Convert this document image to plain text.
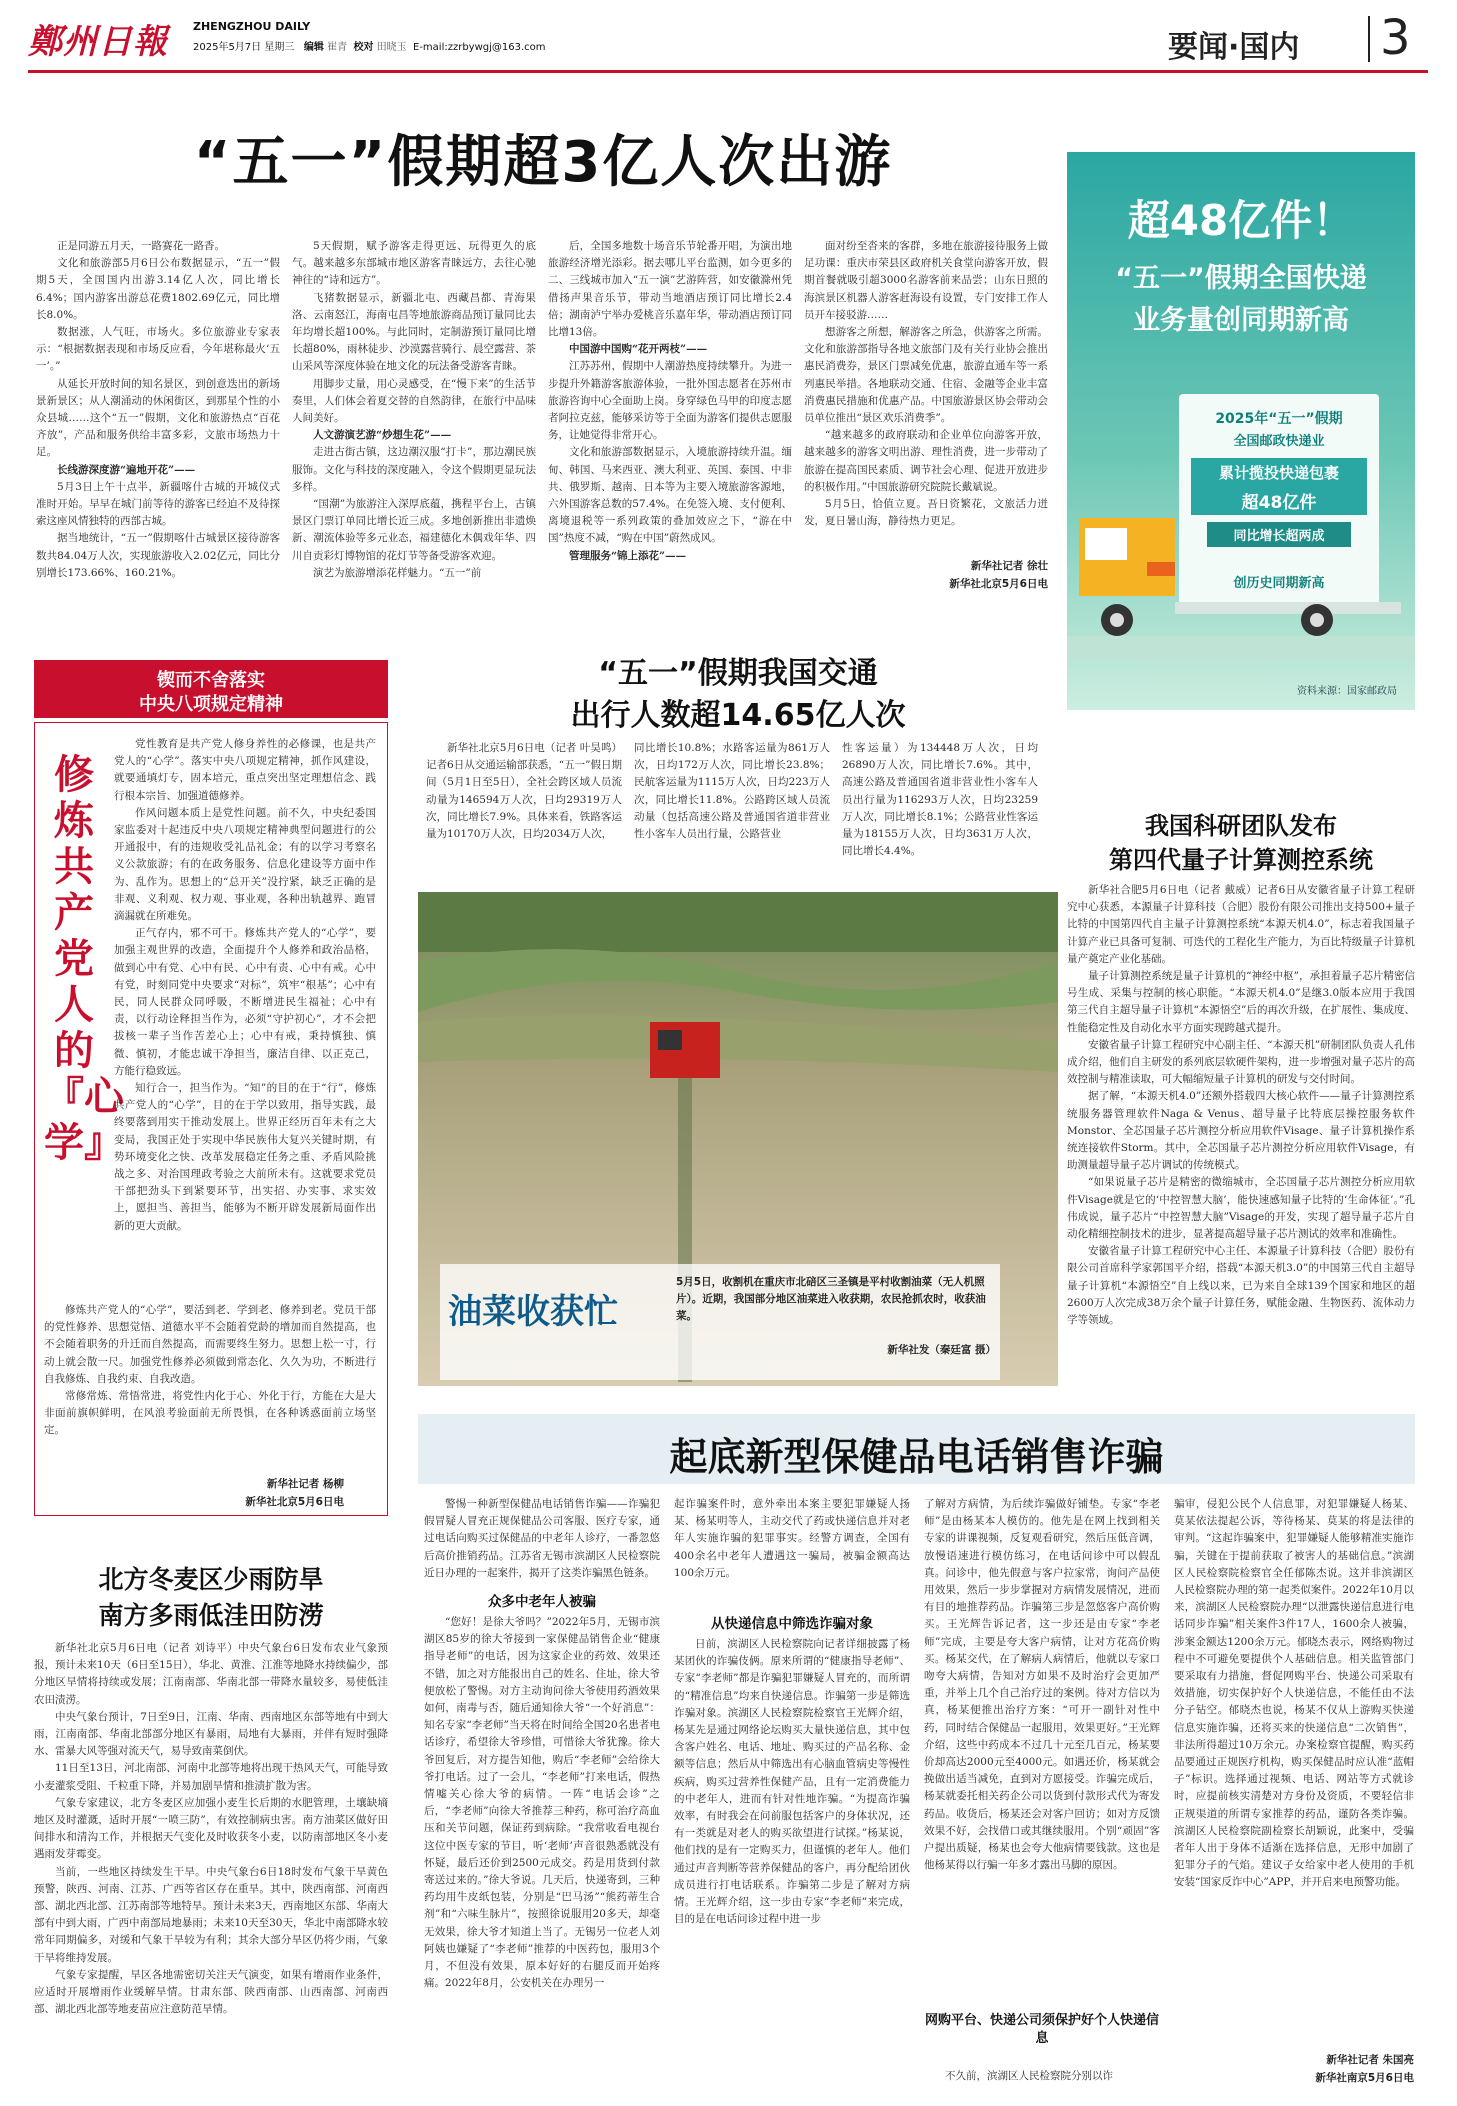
鄭州日報 ZHENGZHOU DAILY
2025年5月7日 星期三 编辑 崔青 校对 田晓玉 E-mail:zzrbywgj@163.com	要闻·国内 3
“五一”假期超3亿人次出游

正是同游五月天，一路赛花一路香。

文化和旅游部5月6日公布数据显示，“五一”假期5天，全国国内出游3.14亿人次，同比增长6.4%；国内游客出游总花费1802.69亿元，同比增长8.0%。

数据涨，人气旺，市场火。多位旅游业专家表示：“根据数据表现和市场反应看，今年堪称最火‘五一’。”

从延长开放时间的知名景区，到创意迭出的新场景新景区；从人潮涌动的休闲街区，到那星个性的小众县城……这个“五一”假期，文化和旅游热点“百花齐放”，产品和服务供给丰富多彩，文旅市场热力十足。

长线游深度游“遍地开花”——

5月3日上午十点半，新疆喀什古城的开城仪式准时开始。早早在城门前等待的游客已经迫不及待探索这座风情独特的西部古城。

据当地统计，“五一”假期喀什古城景区接待游客数共84.04万人次，实现旅游收入2.02亿元，同比分别增长173.66%、160.21%。

5天假期，赋予游客走得更远、玩得更久的底气。越来越多东部城市地区游客青睐远方，去往心驰神往的“诗和远方”。

飞猪数据显示，新疆北屯、西藏昌都、青海果洛、云南怒江，海南屯昌等地旅游商品预订量同比去年均增长超100%。与此同时，定制游预订量同比增长超80%，雨林徒步、沙漠露营骑行、晨空露营、茶山采风等深度体验在地文化的玩法备受游客青睐。

用脚步丈量，用心灵感受，在“慢下来”的生活节奏里，人们体会着夏交替的自然韵律，在旅行中品味人间美好。

人文游演艺游“炒想生花”——

走进古街古镇，这边潮汉服“打卡”，那边潮民族服饰。文化与科技的深度融入，令这个假期更显玩法多样。

“国潮”为旅游注入深厚底蕴，携程平台上，古镇景区门票订单同比增长近三成。多地创新推出非遗焕新、潮流体验等多元业态，福建德化木偶戏年华、四川自贡彩灯博物馆的花灯节等备受游客欢迎。

演艺为旅游增添花样魅力。“五一”前

后，全国多地数十场音乐节轮番开唱，为演出地旅游经济增光添彩。据去哪儿平台监测，如今更多的二、三线城市加入“五一演”艺游阵营，如安徽滁州凭借扬声果音乐节，带动当地酒店预订同比增长2.4倍；湖南泸宁举办爱桃音乐嘉年华，带动酒店预订同比增13倍。

中国游中国购“花开两枝”——

江苏苏州，假期中人潮游热度持续攀升。为进一步提升外籍游客旅游体验，一批外国志愿者在苏州市旅游咨询中心全面助上岗。身穿绿色马甲的印度志愿者阿拉克兹，能够采访等于全面为游客们提供志愿服务，让她觉得非常开心。

文化和旅游部数据显示，入境旅游持续升温。缅甸、韩国、马来西亚、澳大利亚、英国、泰国、中非共、俄罗斯、越南、日本等为主要入境旅游客源地，六外国游客总数的57.4%。在免签入境、支付便利、离境退税等一系列政策的叠加效应之下，“游在中国”热度不减，“购在中国”蔚然成风。

管理服务“锦上添花”——

面对纷至沓来的客群，多地在旅游接待服务上做足功课：重庆市荣县区政府机关食堂向游客开放，假期首餐就吸引超3000名游客前来品尝；山东日照的海滨景区机器人游客赶海设有设置，专门安排工作人员开车接驳游……

想游客之所想，解游客之所急，供游客之所需。文化和旅游部指导各地文旅部门及有关行业协会推出惠民消费券，景区门票减免优惠，旅游直通车等一系列惠民举措。各地联动交通、住宿、金融等企业丰富消费惠民措施和优惠产品。中国旅游景区协会带动会员单位推出“景区欢乐消费季”。

“越来越多的政府联动和企业单位向游客开放，越来越多的游客文明出游、理性消费，进一步带动了旅游在提高国民素质、调节社会心理、促进开放进步的积极作用。”中国旅游研究院院长戴斌说。

5月5日，恰值立夏。吾日资繁花，文旅活力迸发，夏日暑山海，静待热力更足。

新华社记者 徐壮
新华社北京5月6日电
超48亿件！
“五一”假期全国快递
业务量创同期新高
2025年“五一”假期
全国邮政快递业
累计揽投快递包裹
超48亿件
同比增长超两成
创历史同期新高
资料来源：国家邮政局
锲而不舍落实
中央八项规定精神
修炼共产党人的『心学』

党性教育是共产党人修身养性的必修课，也是共产党人的“心学”。落实中央八项规定精神，抓作风建设，就要通填灯专，固本培元，重点突出坚定理想信念、践行根本宗旨、加强道德修养。

作风问题本质上是党性问题。前不久，中央纪委国家监委对十起违反中央八项规定精神典型问题进行的公开通报中，有的违规收受礼品礼金；有的以学习考察名义公款旅游；有的在政务服务、信息化建设等方面中作为、乱作为。思想上的“总开关”没拧紧，缺乏正确的是非观、义利观、权力观、事业观，各种出轨越界、跑冒滴漏就在所难免。

正气存内，邪不可干。修炼共产党人的“心学”，要加强主观世界的改造，全面提升个人修养和政治品格，做到心中有党、心中有民、心中有责、心中有戒。心中有党，时刻同党中央要求“对标”，筑牢“根基”；心中有民，同人民群众同呼吸，不断增进民生福祉；心中有责，以行动诠释担当作为，必须“守护初心”，才不会把拔核一辈子当作苦差心上；心中有戒，秉持慎独、慎微、慎初，才能忠诚干净担当，廉洁自律、以正克己，方能行稳致远。

知行合一，担当作为。“知”的目的在于“行”，修炼共产党人的“心学”，目的在于学以致用，指导实践，最终要落到用实干推动发展上。世界正经历百年未有之大变局，我国正处于实现中华民族伟大复兴关键时期，有势环境变化之快、改革发展稳定任务之重、矛盾风险挑战之多、对治国理政考验之大前所未有。这就要求党员干部把劲头下到紧要环节，出实招、办实事、求实效上，愿担当、善担当，能够为不断开辟发展新局面作出新的更大贡献。

修炼共产党人的“心学”，要活到老、学到老、修养到老。党员干部的党性修养、思想觉悟、道德水平不会随着党龄的增加而自然提高，也不会随着职务的升迁而自然提高，而需要终生努力。思想上松一寸，行动上就会散一尺。加强党性修养必须做到常态化、久久为功，不断进行自我修炼、自我约束、自我改造。

常修常炼、常悟常进，将党性内化于心、外化于行，方能在大是大非面前旗帜鲜明，在风浪考验面前无所畏惧，在各种诱惑面前立场坚定。

新华社记者 杨柳
新华社北京5月6日电
北方冬麦区少雨防旱
南方多雨低洼田防涝

新华社北京5月6日电（记者 刘诗平）中央气象台6日发布农业气象预报，预计未来10天（6日至15日），华北、黄淮、江淮等地降水持续偏少，部分地区旱情将持续或发展；江南南部、华南北部一带降水量较多，易使低洼农田渍涝。

中央气象台预计，7日至9日，江南、华南、西南地区东部等地有中到大雨，江南南部、华南北部部分地区有暴雨，局地有大暴雨，并伴有短时强降水、雷暴大风等强对流天气，易导致南菜倒伏。

11日至13日，河北南部、河南中北部等地将出现干热风天气，可能导致小麦灌浆受阻、千粒重下降，并易加剧旱情和推渍扩散为害。

气象专家建议，北方冬麦区应加强小麦生长后期的水肥管理，土壤缺墒地区及时灌溉，适时开展“一喷三防”，有效控制病虫害。南方油菜区做好田间排水和清沟工作，并根据天气变化及时收获冬小麦，以防南部地区冬小麦遇雨发芽霉变。

当前，一些地区持续发生干旱。中央气象台6日18时发布气象干旱黄色预警，陕西、河南、江苏、广西等省区存在重旱。其中，陕西南部、河南西部、湖北西北部、江苏南部等地特旱。预计未来3天，西南地区东部、华南大部有中到大雨，广西中南部局地暴雨；未来10天至30天，华北中南部降水较常年同期偏多，对缓和气象干旱较为有利；其余大部分旱区仍将少雨，气象干旱将维持发展。

气象专家提醒，旱区各地需密切关注天气演变，如果有增雨作业条件，应适时开展增雨作业缓解旱情。甘肃东部、陕西南部、山西南部、河南西部、湖北西北部等地麦苗应注意防范旱情。

“五一”假期我国交通
出行人数超14.65亿人次
新华社北京5月6日电（记者 叶昊鸣）记者6日从交通运输部获悉，“五一”假日期间（5月1日至5日），全社会跨区域人员流动量为146594万人次，日均29319万人次，同比增长7.9%。具体来看，铁路客运量为10170万人次，日均2034万人次，
同比增长10.8%；水路客运量为861万人次，日均172万人次，同比增长23.8%；民航客运量为1115万人次，日均223万人次，同比增长11.8%。公路跨区域人员流动量（包括高速公路及普通国省道非营业性小客车人员出行量，公路营业
性客运量）为134448万人次，日均26890万人次，同比增长7.6%。其中，高速公路及普通国省道非营业性小客车人员出行量为116293万人次，日均23259万人次，同比增长8.1%；公路营业性客运量为18155万人次，日均3631万人次，同比增长4.4%。
油菜收获忙
5月5日，收割机在重庆市北碚区三圣镇是平村收割油菜（无人机照片）。近期，我国部分地区油菜进入收获期，农民抢抓农时，收获油菜。
新华社发（秦廷富 摄）
我国科研团队发布
第四代量子计算测控系统

新华社合肥5月6日电（记者 戴威）记者6日从安徽省量子计算工程研究中心获悉，本源量子计算科技（合肥）股份有限公司推出支持500+量子比特的中国第四代自主量子计算测控系统“本源天机4.0”，标志着我国量子计算产业已具备可复制、可迭代的工程化生产能力，为百比特级量子计算机量产奠定产业化基础。

量子计算测控系统是量子计算机的“神经中枢”，承担着量子芯片精密信号生成、采集与控制的核心职能。“本源天机4.0”是继3.0版本应用于我国第三代自主超导量子计算机“本源悟空”后的再次升级，在扩展性、集成度、性能稳定性及自动化水平方面实现跨越式提升。

安徽省量子计算工程研究中心副主任、“本源天机”研制团队负责人孔伟成介绍，他们自主研发的系列底层软硬件架构，进一步增强对量子芯片的高效控制与精准读取，可大幅缩短量子计算机的研发与交付时间。

据了解，“本源天机4.0”还额外搭载四大核心软件——量子计算测控系统服务器管理软件Naga & Venus、超导量子比特底层操控服务软件Monstor、全芯国量子芯片测控分析应用软件Visage、量子计算机操作系统连接软件Storm。其中，全芯国量子芯片测控分析应用软件Visage，有助测量超导量子芯片调试的传统模式。

“如果说量子芯片是精密的微缩城市，全芯国量子芯片测控分析应用软件Visage就是它的‘中控智慧大脑’，能快速感知量子比特的‘生命体征’。”孔伟成说，量子芯片“中控智慧大脑”Visage的开发，实现了超导量子芯片自动化精细控制技术的进步，显著提高超导量子芯片测试的效率和准确性。

安徽省量子计算工程研究中心主任、本源量子计算科技（合肥）股份有限公司首席科学家郭国平介绍，搭载“本源天机3.0”的中国第三代自主超导量子计算机“本源悟空”自上线以来，已为来自全球139个国家和地区的超2600万人次完成38万余个量子计算任务，赋能金融、生物医药、流体动力学等领域。

起底新型保健品电话销售诈骗
警惕一种新型保健品电话销售诈骗——诈骗犯假冒疑人冒充正规保健品公司客服、医疗专家，通过电话向购买过保健品的中老年人诊疗，一番忽悠后高价推销药品。江苏省无锡市滨湖区人民检察院近日办理的一起案件，揭开了这类诈骗黑色链条。
众多中老年人被骗
“您好！是徐大爷吗？”2022年5月，无锡市滨湖区85岁的徐大爷接到一家保健品销售企业“健康指导老师”的电话，因为这家企业的药效、效果还不错，加之对方能报出自己的姓名、住址，徐大爷便放松了警惕。对方主动询问徐大爷使用药酒效果如何，南毒与否，随后通知徐大爷“一个好消息”：知名专家“李老师”当天将在时间给全国20名患者电话诊疗，希望徐大爷珍惜，可惜徐大爷犹豫。徐大爷回复后，对方提告知他，购后“李老师”会给徐大爷打电话。过了一会儿，“李老师”打来电话，假热情嘘关心徐大爷的病情。一阵“电话会诊”之后，“李老师”向徐大爷推荐三种药，称可治疗高血压和关节问题，保证药到病除。“我常收看电视台这位中医专家的节目，听‘老师’声音很熟悉就没有怀疑，最后还价到2500元成交。药是用货到付款寄送过来的。”徐大爷说。几天后，快递寄到，三种药均用牛皮纸包装，分别是“巴马汤”“熊药蒂生合剂”和“六味生脉片”，按照徐说服用20多天，却毫无效果，徐大爷才知道上当了。无锡另一位老人刘阿姨也嫌疑了“李老师”推荐的中医药包，服用3个月，不但没有效果，原本好好的右腿反而开始疼痛。2022年8月，公安机关在办理另一
起诈骗案件时，意外牵出本案主要犯罪嫌疑人扬某、杨某明等人，主动交代了药或快递信息并对老年人实施诈骗的犯罪事实。经警方调查，全国有400余名中老年人遭遇这一骗局，被骗金额高达100余万元。
从快递信息中筛选诈骗对象
日前，滨湖区人民检察院向记者详细披露了杨某团伙的诈骗伎俩。原来所谓的“健康指导老师”、专家“李老师”都是诈骗犯罪嫌疑人冒充的，而所谓的“精准信息”均来自快递信息。诈骗第一步是筛选诈骗对象。滨湖区人民检察院检察官王光辉介绍，杨某先是通过网络论坛购买大量快递信息，其中包含客户姓名、电话、地址、购买过的产品名称、金额等信息；然后从中筛选出有心脑血管病史等慢性疾病，购买过营养性保健产品，且有一定消费能力的中老年人，进而有针对性地诈骗。“为提高诈骗效率，有时我会在问前服包括客户的身体状况，还有一类就是对老人的购买欲望进行试探。”杨某说，他们找的是有一定购买力，但谨慎的老年人。他们通过声音判断等营养保健品的客户，再分配给团伙成员进行打电话联系。诈骗第二步是了解对方病情。王光辉介绍，这一步由专家“李老师”来完成，目的是在电话问诊过程中进一步
了解对方病情，为后续诈骗做好铺垫。专家“李老师”是由杨某本人模仿的。他先是在网上找到相关专家的讲课视频，反复观看研究，然后压低音调，放慢语速进行模仿练习，在电话问诊中可以假乱真。问诊中，他先假意与客户拉家常，询问产品使用效果，然后一步步掌握对方病情发展情况，进而有目的地推荐药品。诈骗第三步是忽悠客户高价购买。王光辉告诉记者，这一步还是由专家“李老师”完成，主要是夸大客户病情，让对方花高价购买。杨某交代，在了解病人病情后，他就以专家口吻夸大病情，告知对方如果不及时治疗会更加严重，并举上几个自己治疗过的案例。待对方信以为真，杨某便推出治疗方案：“可开一副针对性中药，同时结合保健品一起服用，效果更好。”王光辉介绍，这些中药成本不过几十元至几百元，杨某要价却高达2000元至4000元。如遇还价，杨某就会挽做出适当减免，直到对方愿接受。诈骗完成后，杨某就委托相关药企公司以货到付款形式代为寄发药品。收货后，杨某还会对客户回访；如对方反馈效果不好，会找借口或其继续服用。个别“顽固”客户提出质疑，杨某也会夸大他病情要钱款。这也是他杨某得以行骗一年多才露出马脚的原因。
网购平台、快递公司须保护好个人快递信息
不久前，滨湖区人民检察院分别以诈
骗审，侵犯公民个人信息罪，对犯罪嫌疑人杨某、莫某依法提起公诉，等待杨某、莫某的将是法律的审判。“这起诈骗案中，犯罪嫌疑人能够精准实施诈骗，关键在于提前获取了被害人的基础信息。”滨湖区人民检察院检察官全任郁陈杰说。这并非滨湖区人民检察院办理的第一起类似案件。2022年10月以来，滨湖区人民检察院办理“以泄露快递信息进行电话同步诈骗”相关案件3件17人，1600余人被骗，涉案金额达1200余万元。郁晓杰表示，网络购物过程中不可避免要提供个人基础信息。相关监管部门要采取有力措施，督促网购平台、快递公司采取有效措施，切实保护好个人快递信息，不能任由不法分子钻空。郁晓杰也说，杨某不仅从上游购买快递信息实施诈骗，还将买来的快递信息“二次销售”，非法所得超过10万余元。办案检察官提醒，购买药品要通过正规医疗机构，购买保健品时应认准“蓝帽子”标识。选择通过视频、电话、网站等方式就诊时，应提前核实清楚对方身份及资质，不要轻信非正规渠道的所谓专家推荐的药品，谨防各类诈骗。滨湖区人民检察院副检察长胡颖说，此案中，受骗者年人出于身体不适渐在选择信息，无形中加剧了犯罪分子的气焰。建议子女给家中老人使用的手机安装“国家反诈中心”APP，并开启来电预警功能。
新华社记者 朱国亮
新华社南京5月6日电
